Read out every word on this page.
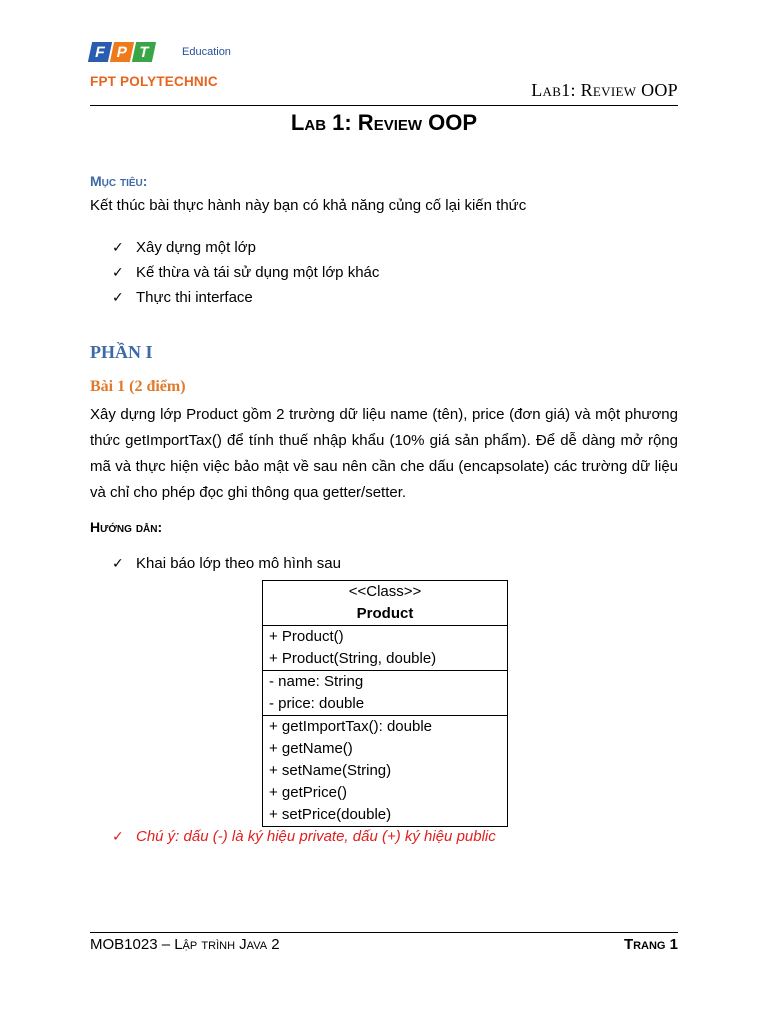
F P T	Education
FPT POLYTECHNIC	Lab1: Review OOP
Lab 1: Review OOP
Mục tiêu:
Kết thúc bài thực hành này bạn có khả năng củng cố lại kiến thức
✓ Xây dựng một lớp
✓ Kế thừa và tái sử dụng một lớp khác
✓ Thực thi interface
PHẦN I
Bài 1 (2 điểm)

Xây dựng lớp Product gồm 2 trường dữ liệu name (tên), price (đơn giá) và một phương thức getImportTax() để tính thuế nhập khẩu (10% giá sản phẩm). Để dễ dàng mở rộng mã và thực hiện việc bảo mật về sau nên cần che dấu (encapsolate) các trường dữ liệu và chỉ cho phép đọc ghi thông qua getter/setter.

Hướng dẫn:
✓ Khai báo lớp theo mô hình sau
<<Class>>
Product
+ Product()
+ Product(String, double)
- name: String
- price: double
+ getImportTax(): double
+ getName()
+ setName(String)
+ getPrice()
+ setPrice(double)
✓ Chú ý: dấu (-) là ký hiệu private, dấu (+) ký hiệu public
MOB1023 – Lập trình Java 2	Trang 1
